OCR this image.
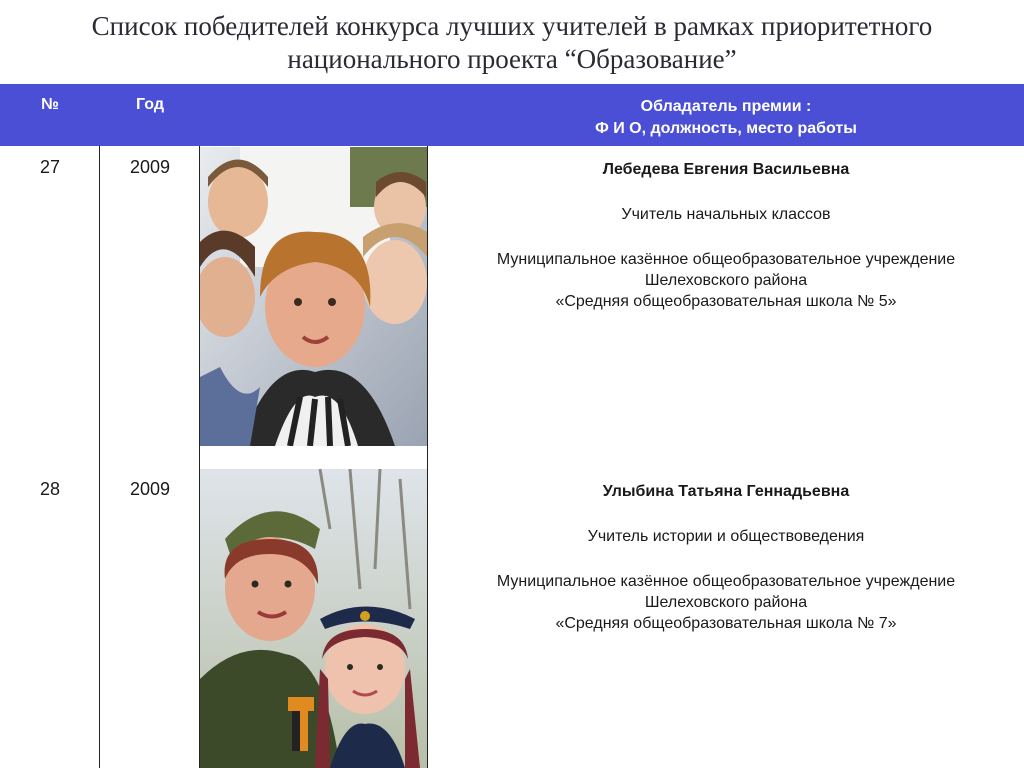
Список победителей конкурса лучших учителей в рамках приоритетного
национального проекта “Образование”
№	Год	Обладатель премии :
Ф И О, должность, место работы
27	2009	Лебедева Евгения Васильевна
Учитель начальных классов
Муниципальное казённое общеобразовательное учреждение
Шелеховского района
«Средняя общеобразовательная школа № 5»
28	2009	Улыбина Татьяна Геннадьевна
Учитель истории и обществоведения
Муниципальное казённое общеобразовательное учреждение
Шелеховского района
«Средняя общеобразовательная школа № 7»
